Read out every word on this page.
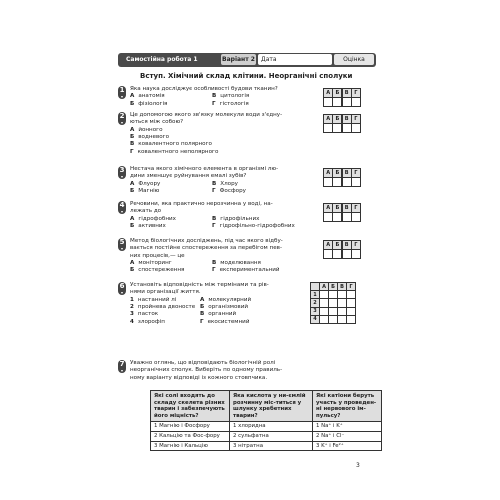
Самостійна робота 1	Варіант 2	Дата	Оцінка
Вступ. Хімічний склад клітини. Неорганічні сполуки
1
▾
Яка наука досліджує особливості будови тканин?
А анатомія	В цитологія
Б фізіологія	Г гістологія
А	Б	В	Г
2
▾
Це допомогою якого зв'язку молекули води з'єдну-
ються між собою?
А йонного
Б водневого
В ковалентного полярного
Г ковалентного неполярного
А	Б	В	Г
3
▾
Нестача якого хімічного елемента в організмі лю-
дини зменшує руйнування емалі зубів?
А Флуору	В Хлору
Б Магнію	Г Фосфору
А	Б	В	Г
4
▾
Речовини, яка практично нерозчинна у воді, на-
лежать до
А гідрофобних	В гідрофільних
Б активних	Г гідрофільно-гідрофобних
А	Б	В	Г
5
▾
Метод біологічних досліджень, під час якого відбу-
вається постійне спостереження за перебігом пев-
них процесів,— це
А моніторинг	В моделювання
Б спостереження	Г експериментальний
А	Б	В	Г
6
▾
Установіть відповідність між термінами та рів-
нями організації життя.
1 настанний лі	А молекулярний
2 пройнева двоносте Б організмовий
3 пасток	В органний
4 злорофіп	Г екосистемний
	А	Б	В	Г
1				
2				
3				
4				
7
▾
Уважно оглянь, що відповідають біологічній ролі
неорганічних сполук. Виберіть по одному правиль-
ному варіанту відповіді із кожного стовпчика.
Які солі входять до складу скелета різних тварин і забезпечують його міцність?	Яка кислота у ни-ємлій розчинну міс-титься у шлунку хребетних тварин?	Які катіони беруть участь у проведен-ні нервового ім-пульсу?
1 Магнію і Фосфору	1 хлоридна	1 Na⁺ і K⁺
2 Кальцію та Фос-фору	2 сульфатна	2 Na⁺ і Cl⁻
3 Магнію і Кальцію	3 нітратна	3 K⁺ і Fe²⁺
3
